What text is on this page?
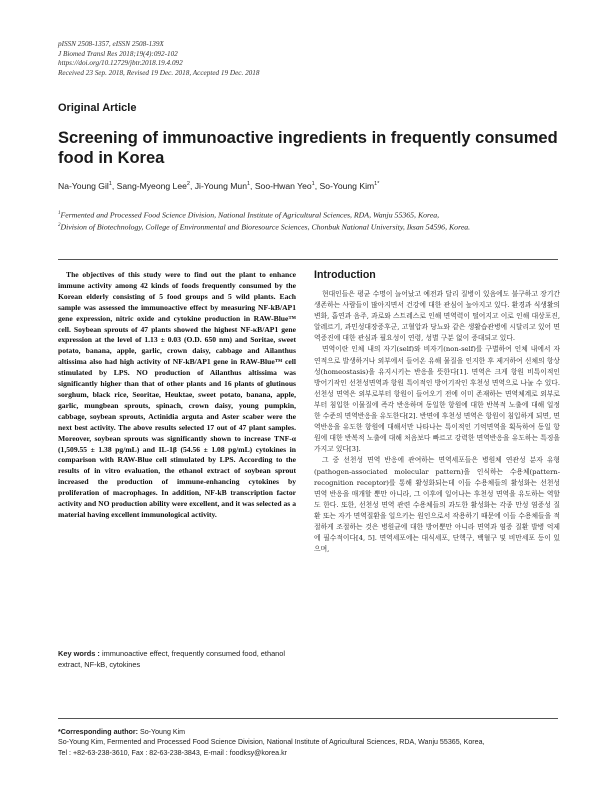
pISSN 2508-1357, eISSN 2508-139X
J Biomed Transl Res 2018;19(4):092-102
https://doi.org/10.12729/jbtr.2018.19.4.092
Received 23 Sep. 2018, Revised 19 Dec. 2018, Accepted 19 Dec. 2018
Original Article
Screening of immunoactive ingredients in frequently consumed food in Korea
Na-Young Gil$^1$, Sang-Myeong Lee$^2$, Ji-Young Mun$^1$, Soo-Hwan Yeo$^1$, So-Young Kim$^{1*}$
$^1$Fermented and Processed Food Science Division, National Institute of Agricultural Sciences, RDA, Wanju 55365, Korea,
$^2$Division of Biotechnology, College of Environmental and Bioresource Sciences, Chonbuk National University, Iksan 54596, Korea.
The objectives of this study were to find out the plant to enhance immune activity among 42 kinds of foods frequently consumed by the Korean elderly consisting of 5 food groups and 5 wild plants. Each sample was assessed the immunoactive effect by measuring NF-kB/AP1 gene expression, nitric oxide and cytokine production in RAW-Blue™ cell. Soybean sprouts of 47 plants showed the highest NF-κB/AP1 gene expression at the level of 1.13 ± 0.03 (O.D. 650 nm) and Soritae, sweet potato, banana, apple, garlic, crown daisy, cabbage and Ailanthus altissima also had high activity of NF-kB/AP1 gene in RAW-Blue™ cell stimulated by LPS. NO production of Ailanthus altissima was significantly higher than that of other plants and 16 plants of glutinous sorghum, black rice, Seoritae, Heuktae, sweet potato, banana, apple, garlic, mungbean sprouts, spinach, crown daisy, young pumpkin, cabbage, soybean sprouts, Actinidia arguta and Aster scaber were the next best activity. The above results selected 17 out of 47 plant samples. Moreover, soybean sprouts was significantly shown to increase TNF-α (1,509.55 ± 1.38 pg/mL) and IL-1β (54.56 ± 1.08 pg/mL) cytokines in comparison with RAW-Blue cell stimulated by LPS. According to the results of in vitro evaluation, the ethanol extract of soybean sprout increased the production of immune-enhancing cytokines by proliferation of macrophages. In addition, NF-kB transcription factor activity and NO production ability were excellent, and it was selected as a material having excellent immunological activity.
Key words : immunoactive effect, frequently consumed food, ethanol extract, NF-kB, cytokines
Introduction

현대인들은 평균 수명이 늘어났고 예전과 달리 질병이 있음에도 불구하고 장기간 생존하는 사람들이 많아지면서 건강에 대한 관심이 높아지고 있다. 환경과 식생활의 변화, 흡연과 음주, 과로와 스트레스로 인해 면역력이 떨어지고 이로 인해 대상포진, 알레르기, 과민성대장증후군, 고혈압과 당뇨와 같은 생활습관병에 시달리고 있어 면역증진에 대한 관심과 필요성이 연령, 성별 구분 없이 증대되고 있다.

면역이란 인체 내의 자기(self)와 비자기(non-self)를 구별하여 인체 내에서 자연적으로 발생하거나 외부에서 들어온 유해 물질을 인지한 후 제거하여 신체의 항상성(homeostasis)을 유지시키는 반응을 뜻한다[1]. 면역은 크게 항원 비특이적인 방어기작인 선천성면역과 항원 특이적인 방어기작인 후천성 면역으로 나눌 수 있다. 선천성 면역은 외부로부터 항원이 들어오기 전에 이미 존재하는 면역체계로 외부로부터 침입한 이물질에 즉각 반응하며 동일한 항원에 대한 반복적 노출에 대해 일정한 수준의 면역반응을 유도한다[2]. 반면에 후천성 면역은 항원이 침입하게 되면, 면역반응을 유도한 항원에 대해서만 나타나는 특이적인 기억면역을 획득하여 동일 항원에 대한 반복적 노출에 대해 처음보다 빠르고 강력한 면역반응을 유도하는 특징을 가지고 있다[3].

그 중 선천성 면역 반응에 관여하는 면역세포들은 병원체 연관성 분자 유형(pathogen-associated molecular pattern)을 인식하는 수용체(pattern-recognition receptor)를 통해 활성화되는데 이들 수용체들의 활성화는 선천성 면역 반응을 매개할 뿐만 아니라, 그 이후에 일어나는 후천성 면역을 유도하는 역할도 한다. 또한, 선천성 면역 관련 수용체들의 과도한 활성화는 각종 만성 염증성 질환 또는 자가 면역질환을 일으키는 원인으로서 작용하기 때문에 이들 수용체들을 적절하게 조절하는 것은 병원균에 대한 방어뿐만 아니라 면역과 염증 질환 발병 억제에 필수적이다[4, 5]. 면역세포에는 대식세포, 단핵구, 백혈구 및 비만세포 등이 있으며,

*Corresponding author: So-Young Kim
So-Young Kim, Fermented and Processed Food Science Division, National Institute of Agricultural Sciences, RDA, Wanju 55365, Korea,
Tel : +82-63-238-3610, Fax : 82-63-238-3843, E-mail : foodksy@korea.kr
